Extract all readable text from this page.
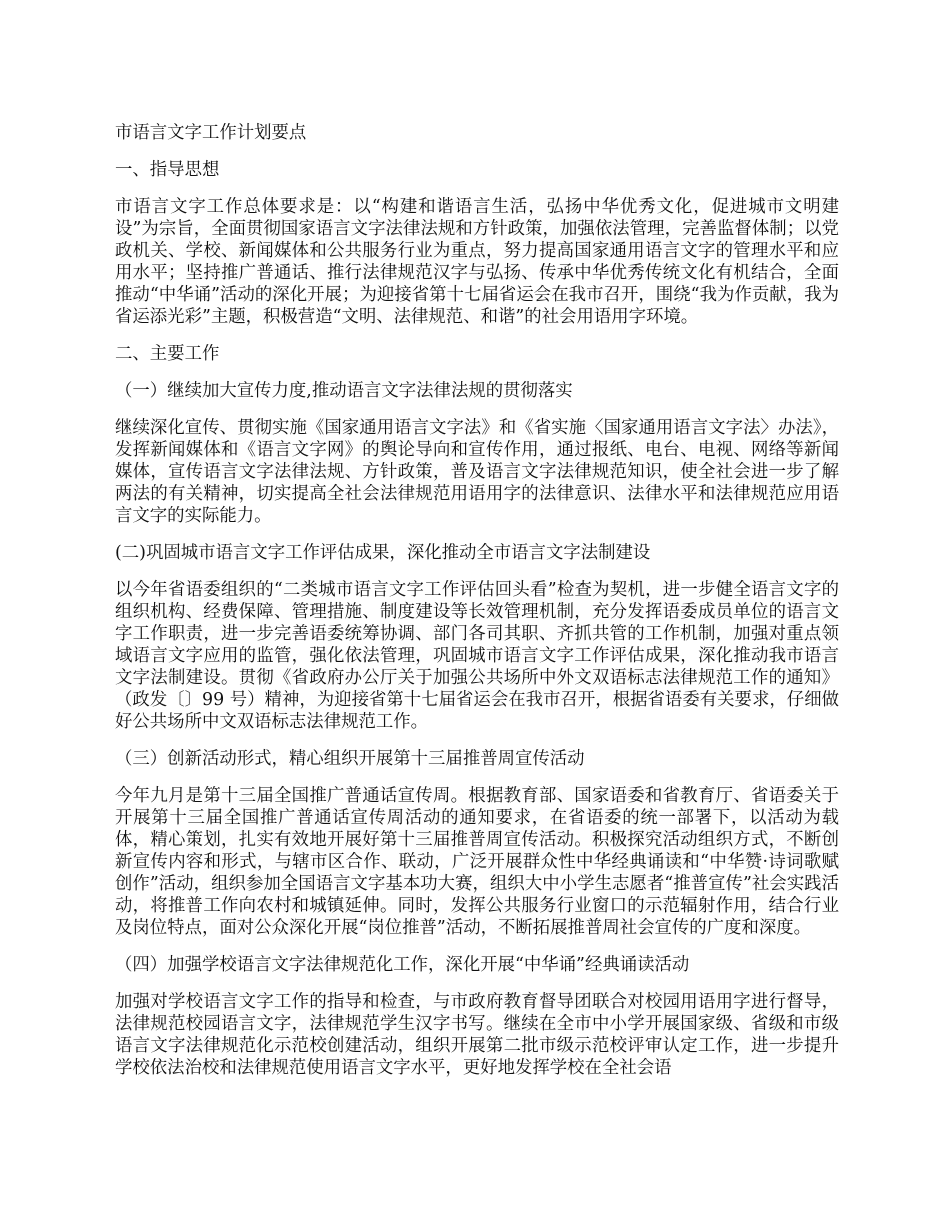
市语言文字工作计划要点
一、指导思想
市语言文字工作总体要求是：以“构建和谐语言生活，弘扬中华优秀文化，促进城市文明建设”为宗旨，全面贯彻国家语言文字法律法规和方针政策，加强依法管理，完善监督体制；以党政机关、学校、新闻媒体和公共服务行业为重点，努力提高国家通用语言文字的管理水平和应用水平；坚持推广普通话、推行法律规范汉字与弘扬、传承中华优秀传统文化有机结合，全面推动“中华诵”活动的深化开展；为迎接省第十七届省运会在我市召开，围绕“我为作贡献，我为省运添光彩”主题，积极营造“文明、法律规范、和谐”的社会用语用字环境。
二、主要工作
（一）继续加大宣传力度,推动语言文字法律法规的贯彻落实
继续深化宣传、贯彻实施《国家通用语言文字法》和《省实施〈国家通用语言文字法〉办法》，发挥新闻媒体和《语言文字网》的舆论导向和宣传作用，通过报纸、电台、电视、网络等新闻媒体，宣传语言文字法律法规、方针政策，普及语言文字法律规范知识，使全社会进一步了解两法的有关精神，切实提高全社会法律规范用语用字的法律意识、法律水平和法律规范应用语言文字的实际能力。
(二)巩固城市语言文字工作评估成果，深化推动全市语言文字法制建设
以今年省语委组织的“二类城市语言文字工作评估回头看”检查为契机，进一步健全语言文字的组织机构、经费保障、管理措施、制度建设等长效管理机制，充分发挥语委成员单位的语言文字工作职责，进一步完善语委统筹协调、部门各司其职、齐抓共管的工作机制，加强对重点领域语言文字应用的监管，强化依法管理，巩固城市语言文字工作评估成果，深化推动我市语言文字法制建设。贯彻《省政府办公厅关于加强公共场所中外文双语标志法律规范工作的通知》（政发〔〕99 号）精神，为迎接省第十七届省运会在我市召开，根据省语委有关要求，仔细做好公共场所中文双语标志法律规范工作。
（三）创新活动形式，精心组织开展第十三届推普周宣传活动
今年九月是第十三届全国推广普通话宣传周。根据教育部、国家语委和省教育厅、省语委关于开展第十三届全国推广普通话宣传周活动的通知要求，在省语委的统一部署下，以活动为载体，精心策划，扎实有效地开展好第十三届推普周宣传活动。积极探究活动组织方式，不断创新宣传内容和形式，与辖市区合作、联动，广泛开展群众性中华经典诵读和“中华赞·诗词歌赋创作”活动，组织参加全国语言文字基本功大赛，组织大中小学生志愿者“推普宣传”社会实践活动，将推普工作向农村和城镇延伸。同时，发挥公共服务行业窗口的示范辐射作用，结合行业及岗位特点，面对公众深化开展“岗位推普”活动，不断拓展推普周社会宣传的广度和深度。
（四）加强学校语言文字法律规范化工作，深化开展“中华诵”经典诵读活动
加强对学校语言文字工作的指导和检查，与市政府教育督导团联合对校园用语用字进行督导，法律规范校园语言文字，法律规范学生汉字书写。继续在全市中小学开展国家级、省级和市级语言文字法律规范化示范校创建活动，组织开展第二批市级示范校评审认定工作，进一步提升学校依法治校和法律规范使用语言文字水平，更好地发挥学校在全社会语
